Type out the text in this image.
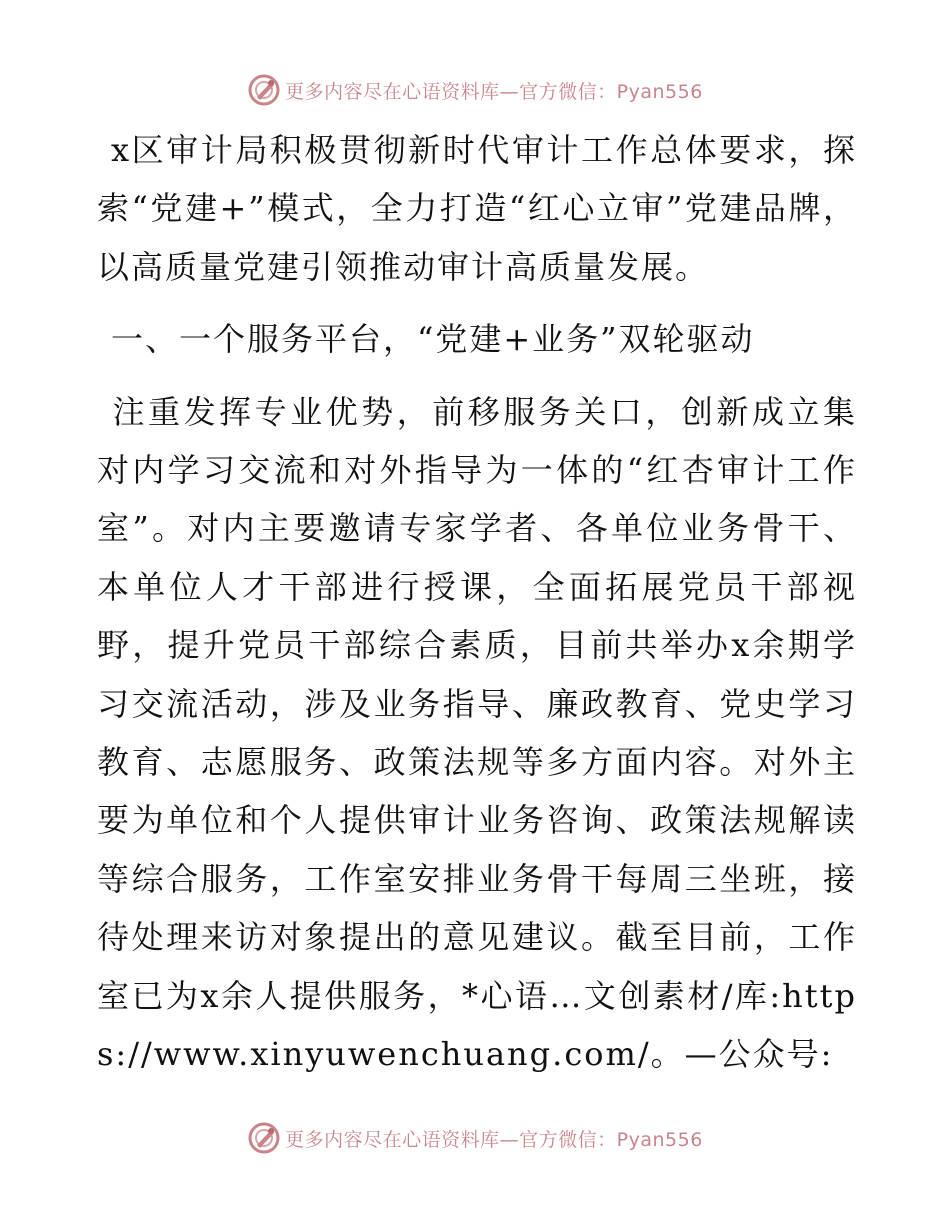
更多内容尽在心语资料库—官方微信：Pyan556

x区审计局积极贯彻新时代审计工作总体要求，探索“党建+”模式，全力打造“红心立审”党建品牌，以高质量党建引领推动审计高质量发展。

一、一个服务平台，“党建+业务”双轮驱动

注重发挥专业优势，前移服务关口，创新成立集对内学习交流和对外指导为一体的“红杏审计工作室”。对内主要邀请专家学者、各单位业务骨干、本单位人才干部进行授课，全面拓展党员干部视野，提升党员干部综合素质，目前共举办x余期学习交流活动，涉及业务指导、廉政教育、党史学习教育、志愿服务、政策法规等多方面内容。对外主要为单位和个人提供审计业务咨询、政策法规解读等综合服务，工作室安排业务骨干每周三坐班，接待处理来访对象提出的意见建议。截至目前，工作室已为x余人提供服务，*心语…文创素材/库:https://www.xinyuwenchuang.com/。—公众号:

更多内容尽在心语资料库—官方微信：Pyan556
